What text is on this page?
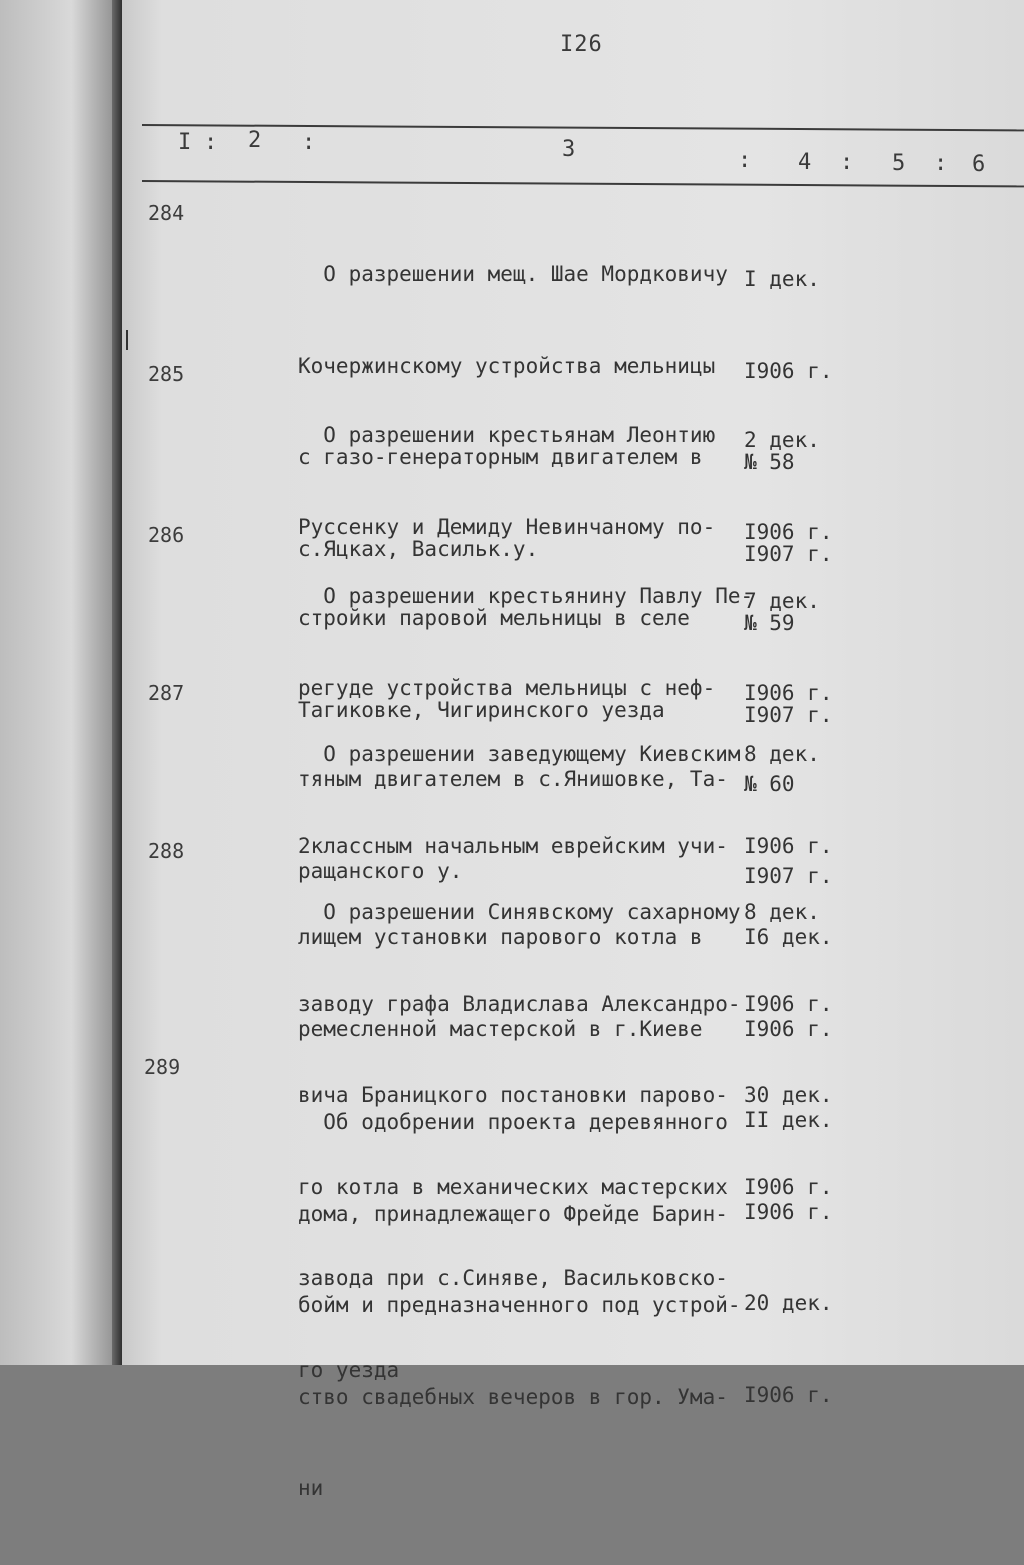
I26
I : 2 :	3	: 4 : 5 : 6
284

О разрешении мещ. Шае Мордковичу

Кочержинскому устройства мельницы

с газо-генераторным двигателем в

с.Яцках, Васильк.у.

I дек.

I906 г.

№ 58

I907 г.

285

О разрешении крестьянам Леонтию

Руссенку и Демиду Невинчаному по-

стройки паровой мельницы в селе

Тагиковке, Чигиринского уезда

2 дек.

I906 г.

№ 59

I907 г.

286

О разрешении крестьянину Павлу Пе-

регуде устройства мельницы с неф-

тяным двигателем в с.Янишовке, Та-

ращанского у.

7 дек.

I906 г.

№ 60

I907 г.

287

О разрешении заведующему Киевским

2классным начальным еврейским учи-

лищем установки парового котла в

ремесленной мастерской в г.Киеве

8 дек.

I906 г.

I6 дек.

I906 г.

288

О разрешении Синявскому сахарному

заводу графа Владислава Александро-

вича Браницкого постановки парово-

го котла в механических мастерских

завода при с.Синяве, Васильковско-

го уезда

8 дек.

I906 г.

30 дек.

I906 г.

289

Об одобрении проекта деревянного

дома, принадлежащего Фрейде Барин-

бойм и предназначенного под устрой-

ство свадебных вечеров в гор. Ума-

ни

II дек.

I906 г.

20 дек.

I906 г.
